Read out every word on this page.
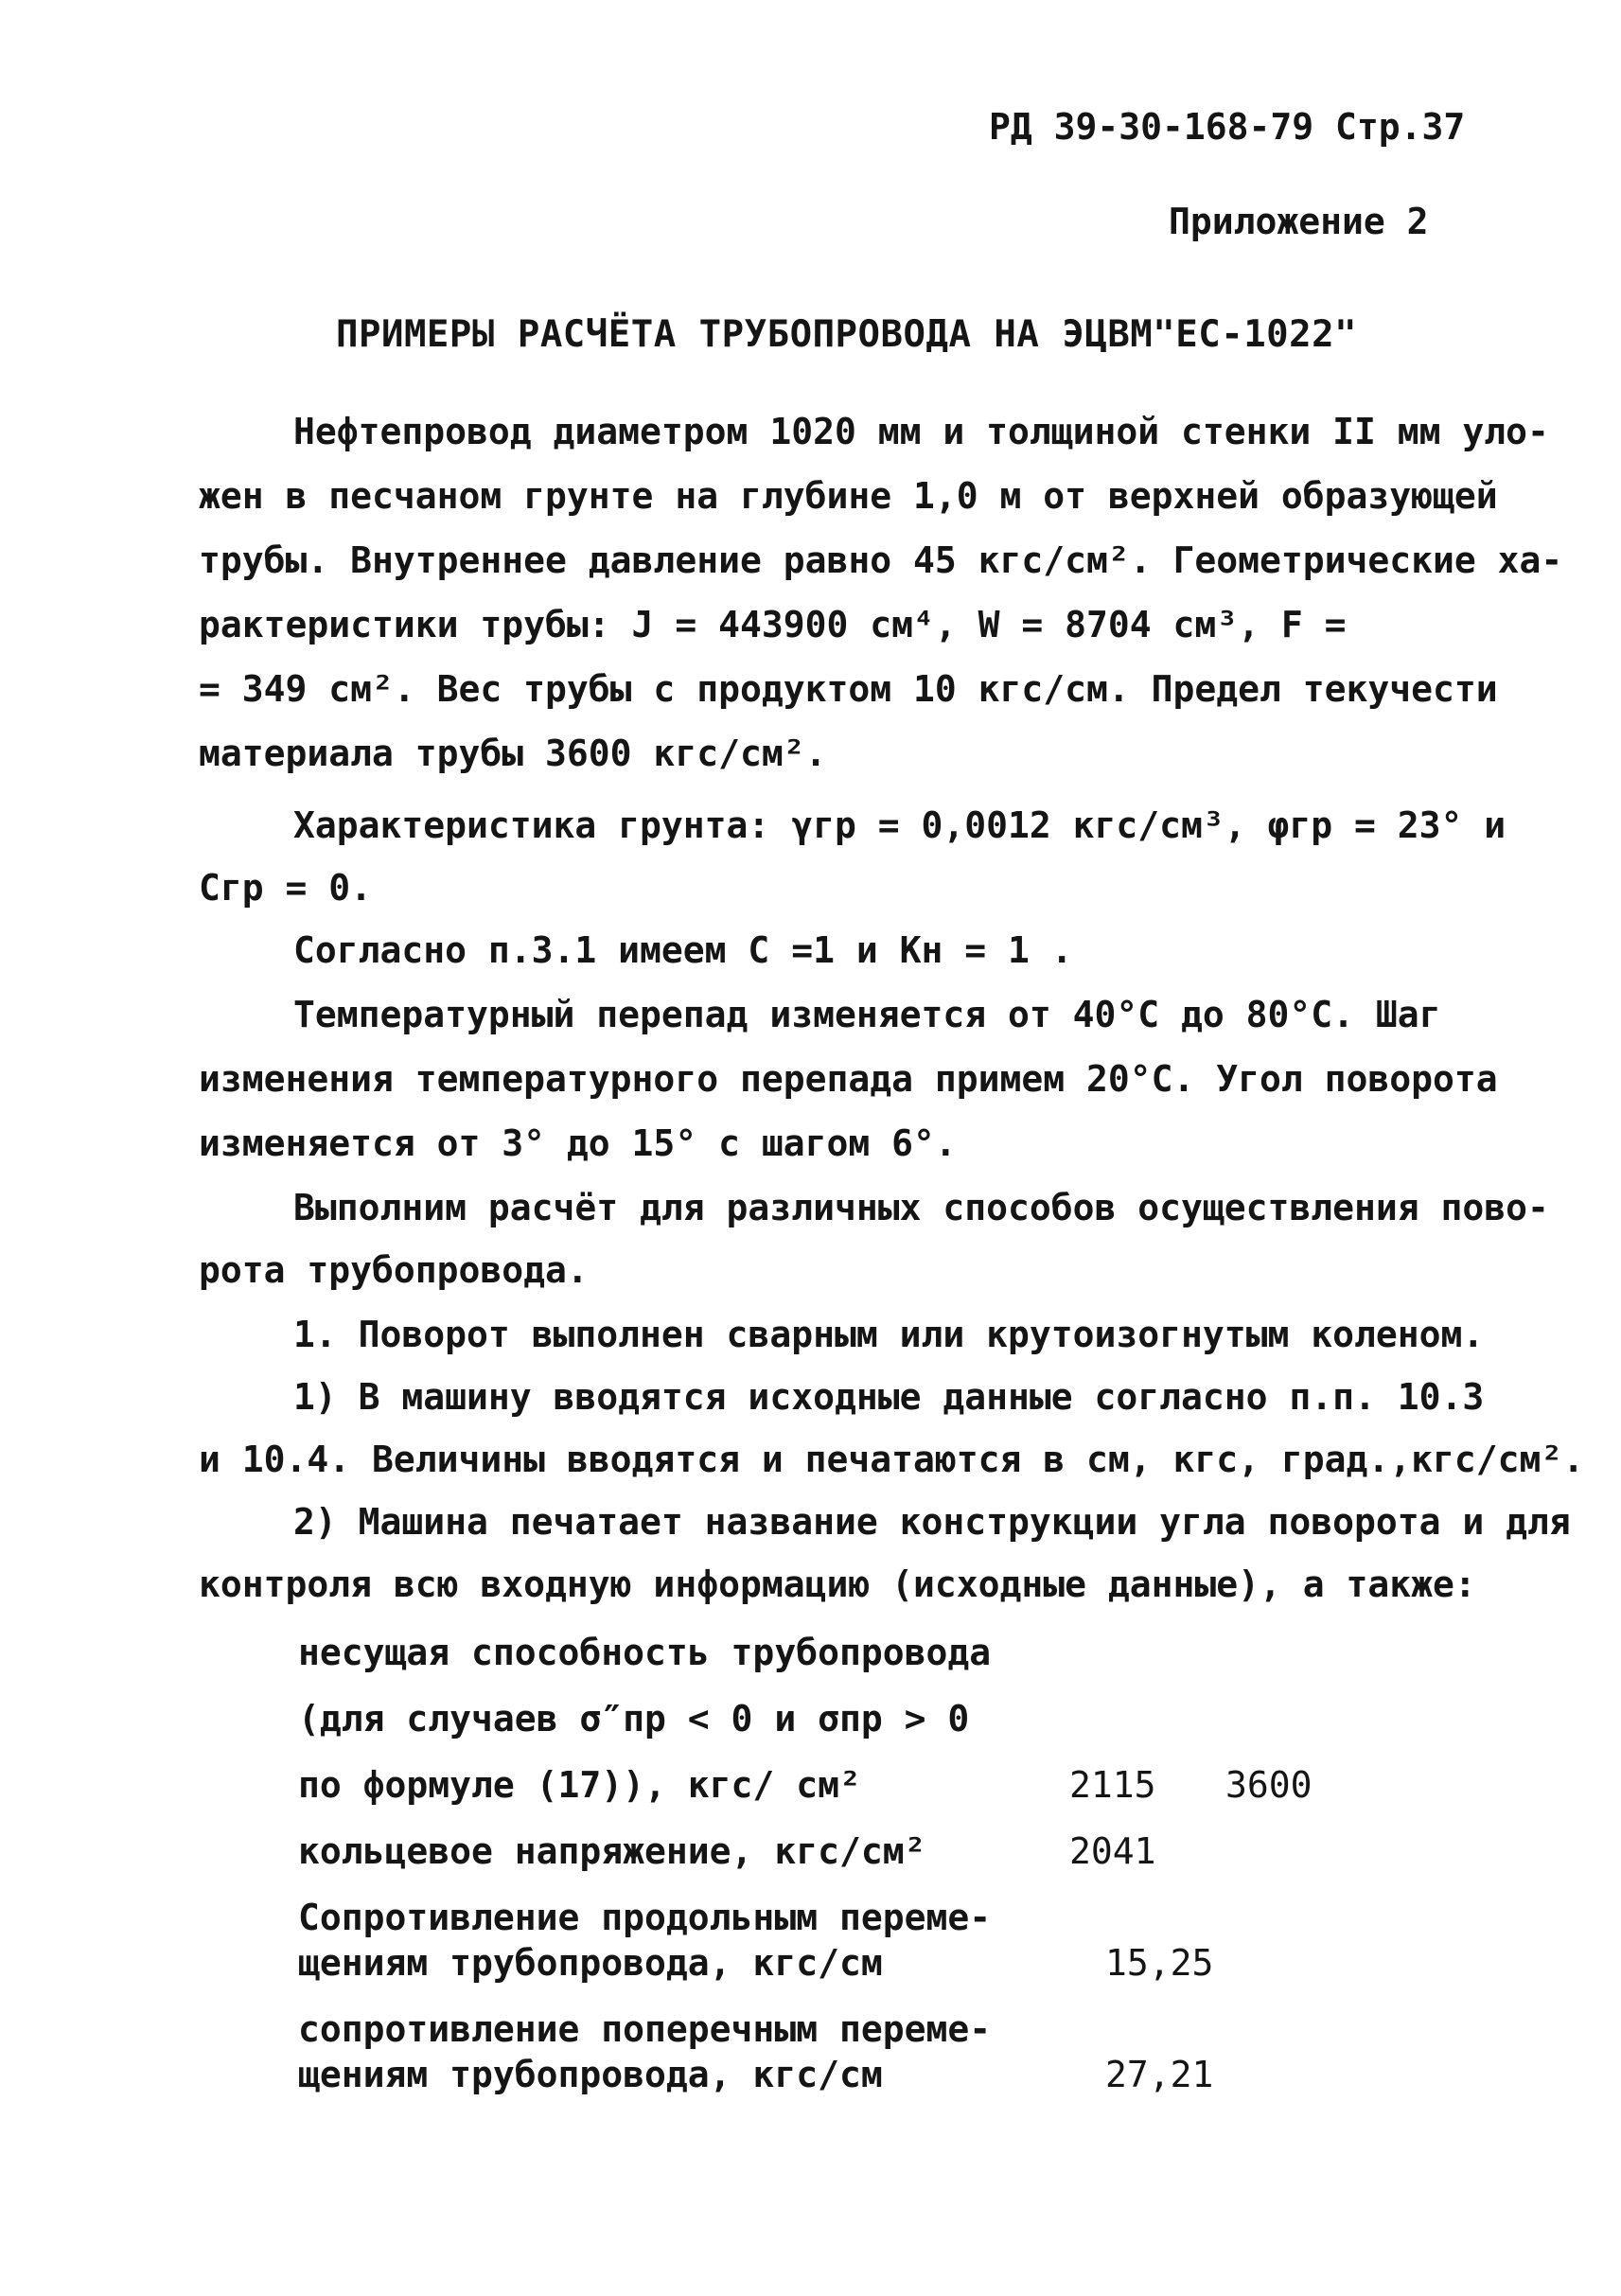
РД 39-30-168-79 Стр.37
Приложение 2
ПРИМЕРЫ РАСЧЁТА ТРУБОПРОВОДА НА ЭЦВМ"ЕС-1022"
Нефтепровод диаметром 1020 мм и толщиной стенки II мм уло-
жен в песчаном грунте на глубине 1,0 м от верхней образующей
трубы. Внутреннее давление равно 45 кгс/см². Геометрические ха-
рактеристики трубы: J = 443900 см⁴, W = 8704 см³, F =
= 349 см². Вес трубы с продуктом 10 кгс/см. Предел текучести
материала трубы 3600 кгс/см².
Характеристика грунта: γгр = 0,0012 кгс/см³, φгр = 23° и
Сгр = 0.
Согласно п.3.1 имеем С =1 и Кн = 1 .
Температурный перепад изменяется от 40°С до 80°С. Шаг
изменения температурного перепада примем 20°С. Угол поворота
изменяется от 3° до 15° с шагом 6°.
Выполним расчёт для различных способов осуществления пово-
рота трубопровода.
1. Поворот выполнен сварным или крутоизогнутым коленом.
1) В машину вводятся исходные данные согласно п.п. 10.3
и 10.4. Величины вводятся и печатаются в см, кгс, град.,кгс/см².
2) Машина печатает название конструкции угла поворота и для
контроля всю входную информацию (исходные данные), а также:
несущая способность трубопровода
(для случаев σ″пр < 0 и σпр > 0
по формуле (17)), кгс/ см²	2115 3600
кольцевое напряжение, кгс/см²	2041
Сопротивление продольным переме-
щениям трубопровода, кгс/см	15,25
сопротивление поперечным переме-
щениям трубопровода, кгс/см	27,21
